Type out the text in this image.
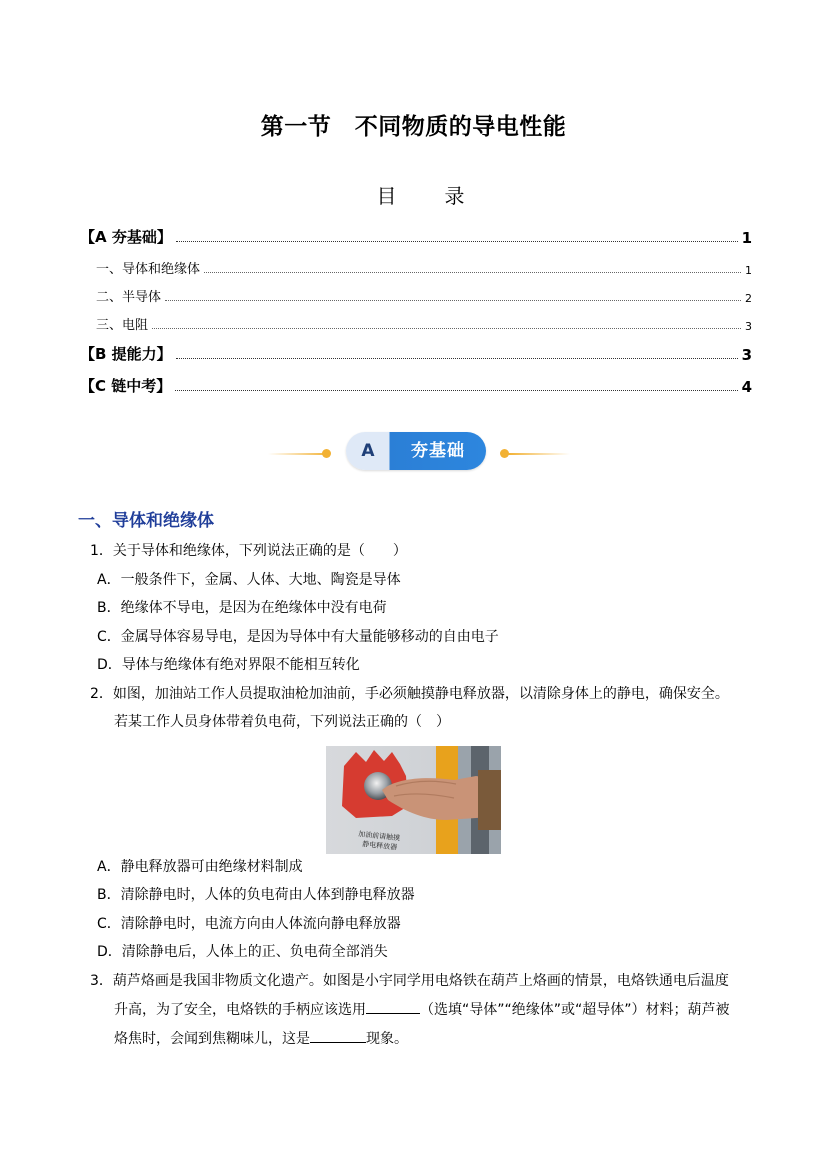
第一节　不同物质的导电性能
目　录
【A 夯基础】	1
一、导体和绝缘体	1
二、半导体	2
三、电阻	3
【B 提能力】	3
【C 链中考】	4
A	夯基础
一、导体和绝缘体
1．关于导体和绝缘体，下列说法正确的是（　　）
A．一般条件下，金属、人体、大地、陶瓷是导体
B．绝缘体不导电，是因为在绝缘体中没有电荷
C．金属导体容易导电，是因为导体中有大量能够移动的自由电子
D．导体与绝缘体有绝对界限不能相互转化
2．如图，加油站工作人员提取油枪加油前，手必须触摸静电释放器，以清除身体上的静电，确保安全。
若某工作人员身体带着负电荷，下列说法正确的（　）
加油前请触摸
静电释放器
A．静电释放器可由绝缘材料制成
B．清除静电时，人体的负电荷由人体到静电释放器
C．清除静电时，电流方向由人体流向静电释放器
D．清除静电后，人体上的正、负电荷全部消失
3．葫芦烙画是我国非物质文化遗产。如图是小宇同学用电烙铁在葫芦上烙画的情景，电烙铁通电后温度
升高，为了安全，电烙铁的手柄应该选用	（选填“导体”“绝缘体”或“超导体”）材料；葫芦被
烙焦时，会闻到焦糊味儿，这是	现象。
